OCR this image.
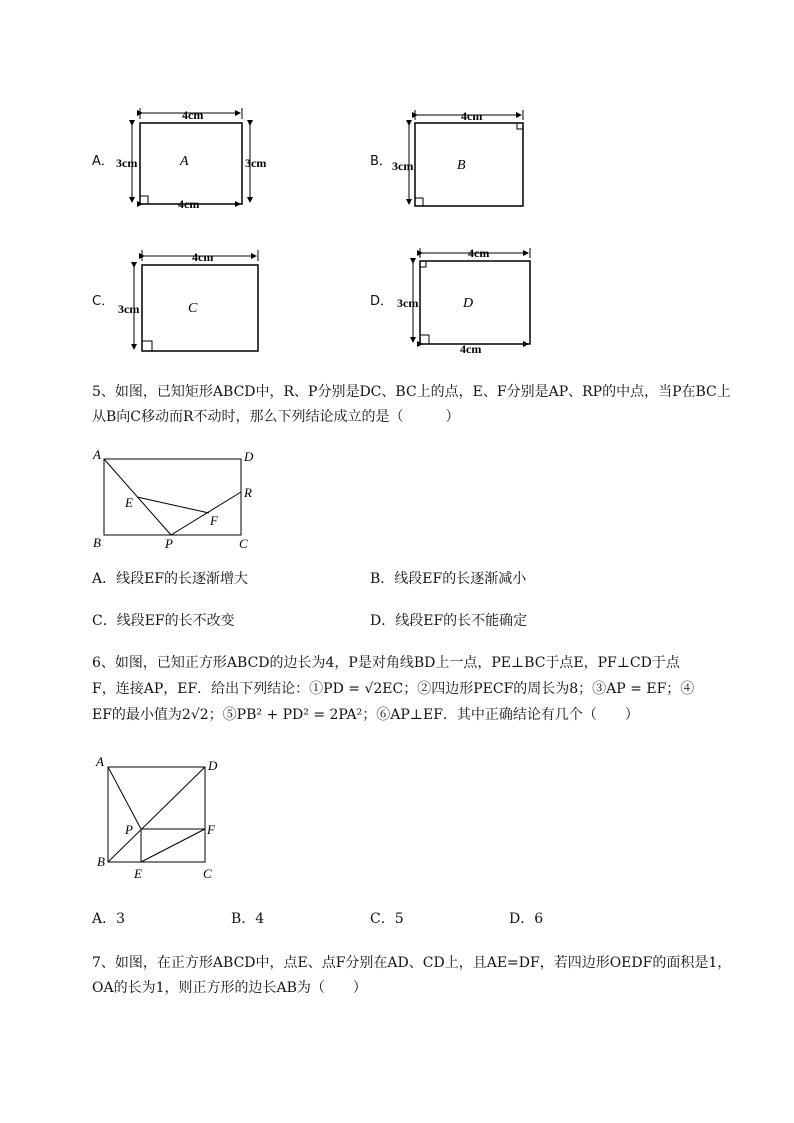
A．
4cm
3cm	3cm
4cm
A	B．
4cm
3cm	B
C．
4cm
3cm	C	D．
4cm
3cm
4cm
D
5、如图，已知矩形ABCD中，R、P分别是DC、BC上的点，E、F分别是AP、RP的中点，当P在BC上
从B向C移动而R不动时，那么下列结论成立的是（　　　）
A	D
R
E
F
B	P	C
A．线段EF的长逐渐增大	B．线段EF的长逐渐减小
C．线段EF的长不改变	D．线段EF的长不能确定
6、如图，已知正方形ABCD的边长为4，P是对角线BD上一点，PE⊥BC于点E，PF⊥CD于点
F，连接AP，EF．给出下列结论：①PD = √2EC；②四边形PECF的周长为8；③AP = EF；④
EF的最小值为2√2；⑤PB² + PD² = 2PA²；⑥AP⊥EF．其中正确结论有几个（　　）
A	D
P	F
B
E	C
A．3	B．4	C．5	D．6
7、如图，在正方形ABCD中，点E、点F分别在AD、CD上，且AE=DF，若四边形OEDF的面积是1，
OA的长为1，则正方形的边长AB为（　　）
